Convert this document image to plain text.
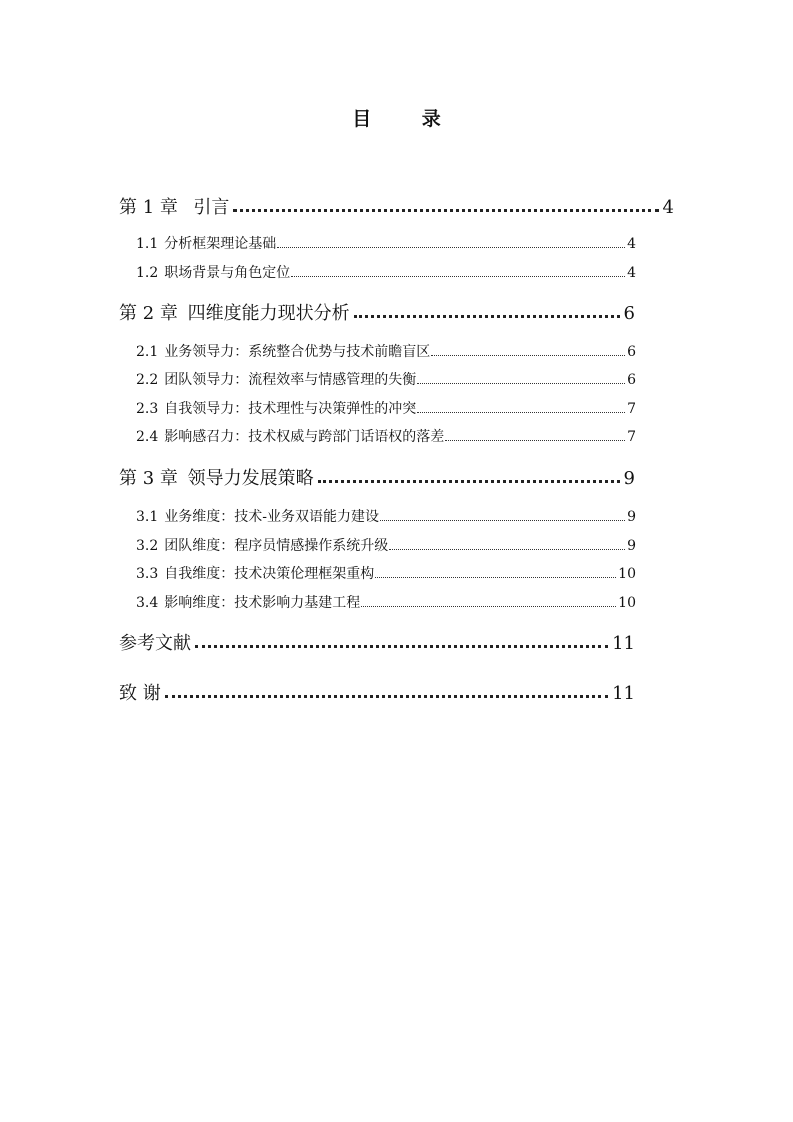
目 录
第 1 章 引言	4
1.1 分析框架理论基础	4
1.2 职场背景与角色定位	4
第 2 章 四维度能力现状分析	6
2.1 业务领导力：系统整合优势与技术前瞻盲区	6
2.2 团队领导力：流程效率与情感管理的失衡	6
2.3 自我领导力：技术理性与决策弹性的冲突	7
2.4 影响感召力：技术权威与跨部门话语权的落差	7
第 3 章 领导力发展策略	9
3.1 业务维度：技术-业务双语能力建设	9
3.2 团队维度：程序员情感操作系统升级	9
3.3 自我维度：技术决策伦理框架重构	10
3.4 影响维度：技术影响力基建工程	10
参考文献	11
致 谢	11
